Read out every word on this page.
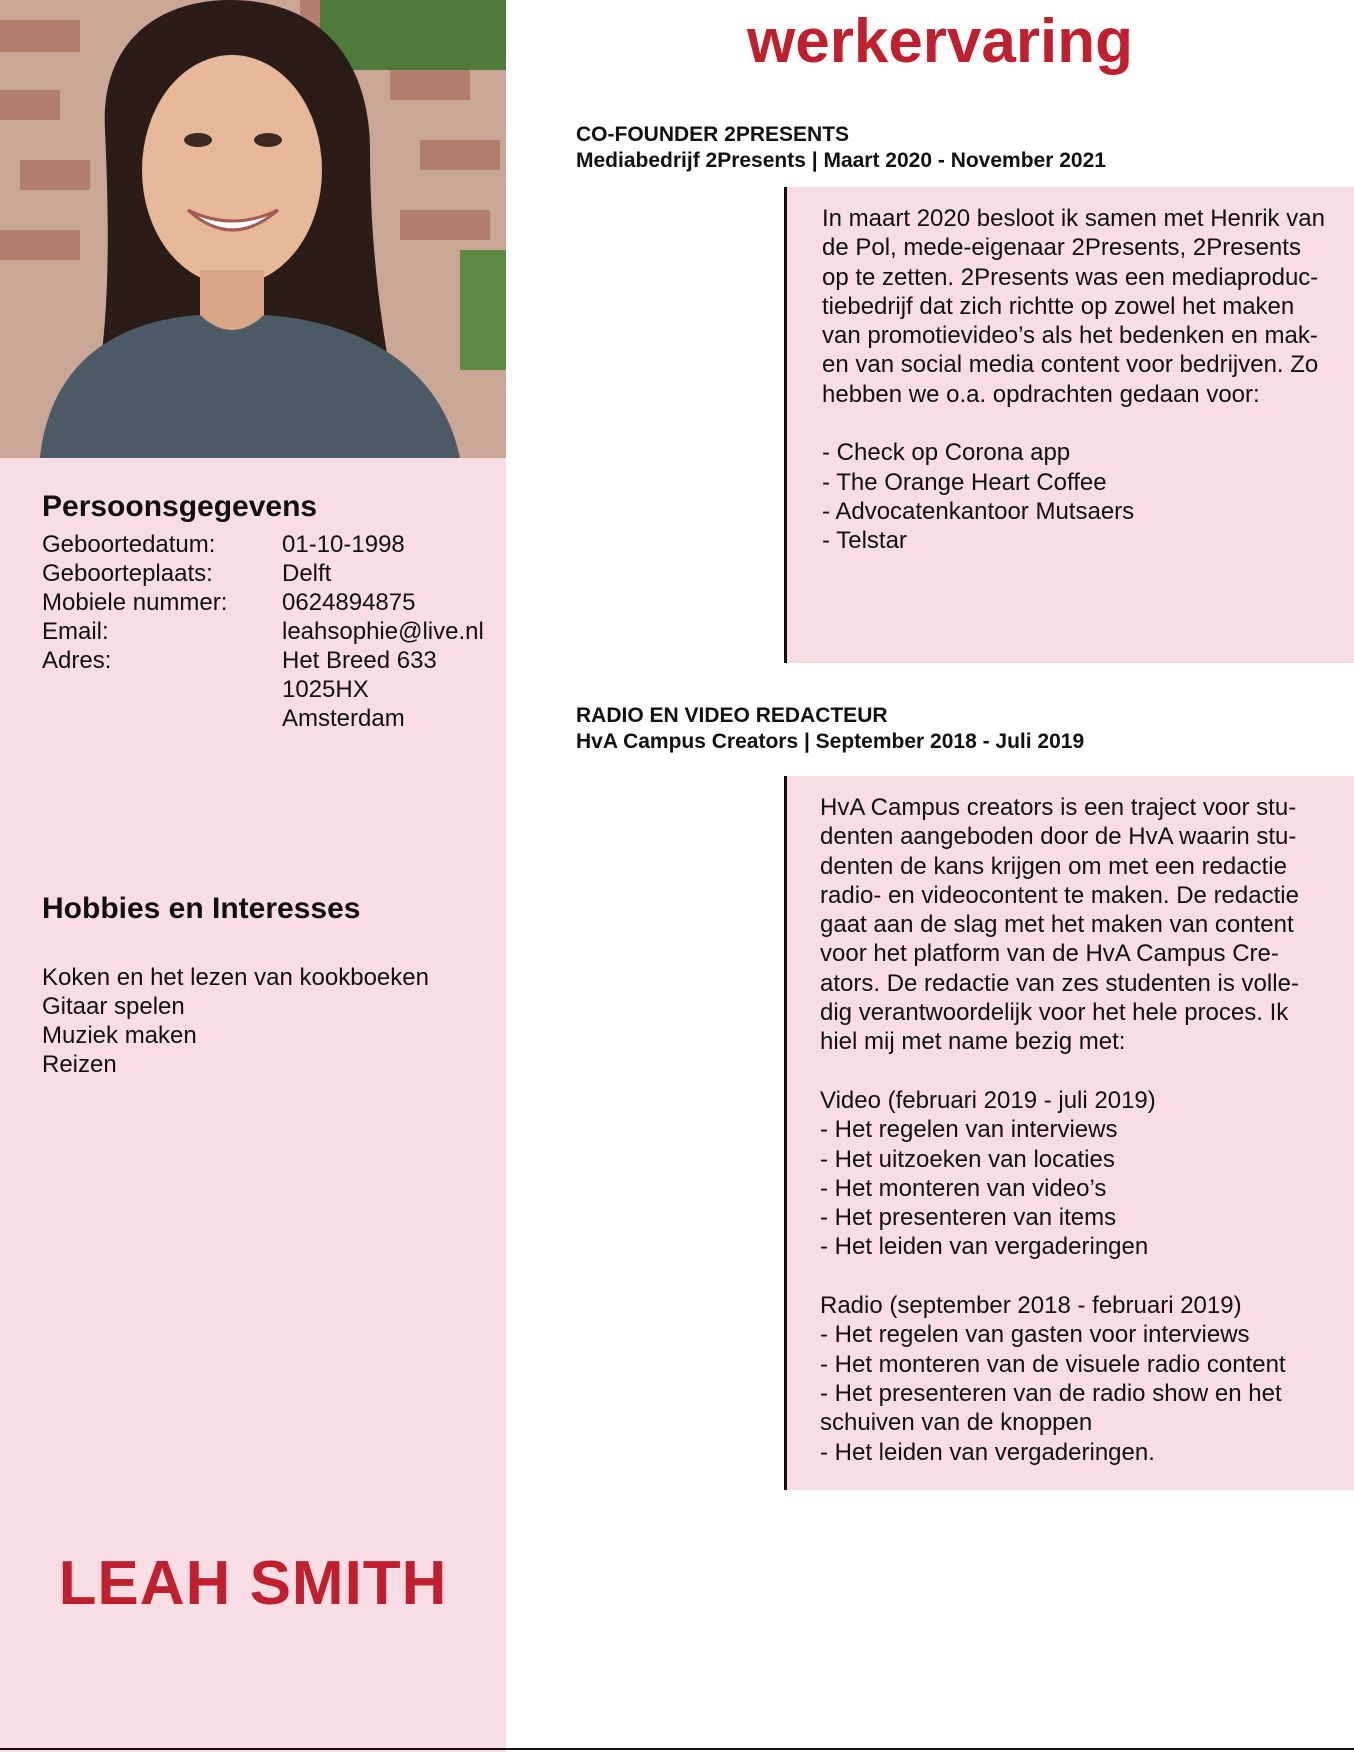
Persoonsgegevens
Geboortedatum:	01-10-1998
Geboorteplaats:	Delft
Mobiele nummer: 0624894875
Email:	leahsophie@live.nl
Adres:	Het Breed 633
1025HX
Amsterdam
Hobbies en Interesses
Koken en het lezen van kookboeken
Gitaar spelen
Muziek maken
Reizen
LEAH SMITH
werkervaring
CO-FOUNDER 2PRESENTS
Mediabedrijf 2Presents | Maart 2020 - November 2021

In maart 2020 besloot ik samen met Henrik van

de Pol, mede-eigenaar 2Presents, 2Presents

op te zetten. 2Presents was een mediaproduc-

tiebedrijf dat zich richtte op zowel het maken

van promotievideo’s als het bedenken en mak-

en van social media content voor bedrijven. Zo

hebben we o.a. opdrachten gedaan voor:

- Check op Corona app

- The Orange Heart Coffee

- Advocatenkantoor Mutsaers

- Telstar

RADIO EN VIDEO REDACTEUR
HvA Campus Creators | September 2018 - Juli 2019

HvA Campus creators is een traject voor stu-

denten aangeboden door de HvA waarin stu-

denten de kans krijgen om met een redactie

radio- en videocontent te maken. De redactie

gaat aan de slag met het maken van content

voor het platform van de HvA Campus Cre-

ators. De redactie van zes studenten is volle-

dig verantwoordelijk voor het hele proces. Ik

hiel mij met name bezig met:

Video (februari 2019 - juli 2019)

- Het regelen van interviews

- Het uitzoeken van locaties

- Het monteren van video’s

- Het presenteren van items

- Het leiden van vergaderingen

Radio (september 2018 - februari 2019)

- Het regelen van gasten voor interviews

- Het monteren van de visuele radio content

- Het presenteren van de radio show en het

schuiven van de knoppen

- Het leiden van vergaderingen.
